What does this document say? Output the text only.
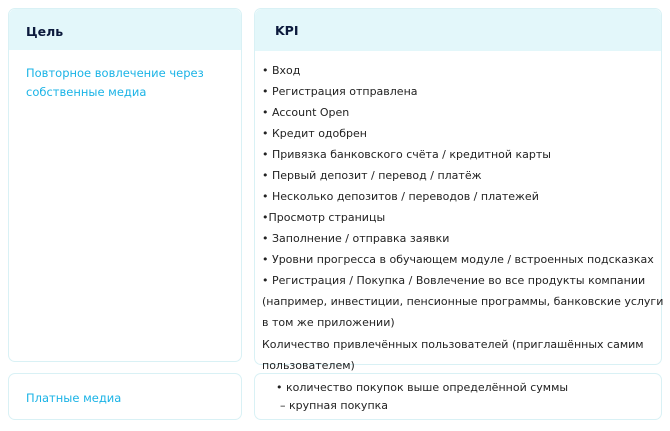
Цель
Повторное вовлечение через собственные медиа
KPI
• Вход
• Регистрация отправлена
• Account Open
• Кредит одобрен
• Привязка банковского счёта / кредитной карты
• Первый депозит / перевод / платёж
• Несколько депозитов / переводов / платежей
•Просмотр страницы
• Заполнение / отправка заявки
• Уровни прогресса в обучающем модуле / встроенных подсказках
• Регистрация / Покупка / Вовлечение во все продукты компании
(например, инвестиции, пенсионные программы, банковские услуги
в том же приложении)
Количество привлечённых пользователей (приглашённых самим
пользователем)
Платные медиа
• количество покупок выше определённой суммы
– крупная покупка
